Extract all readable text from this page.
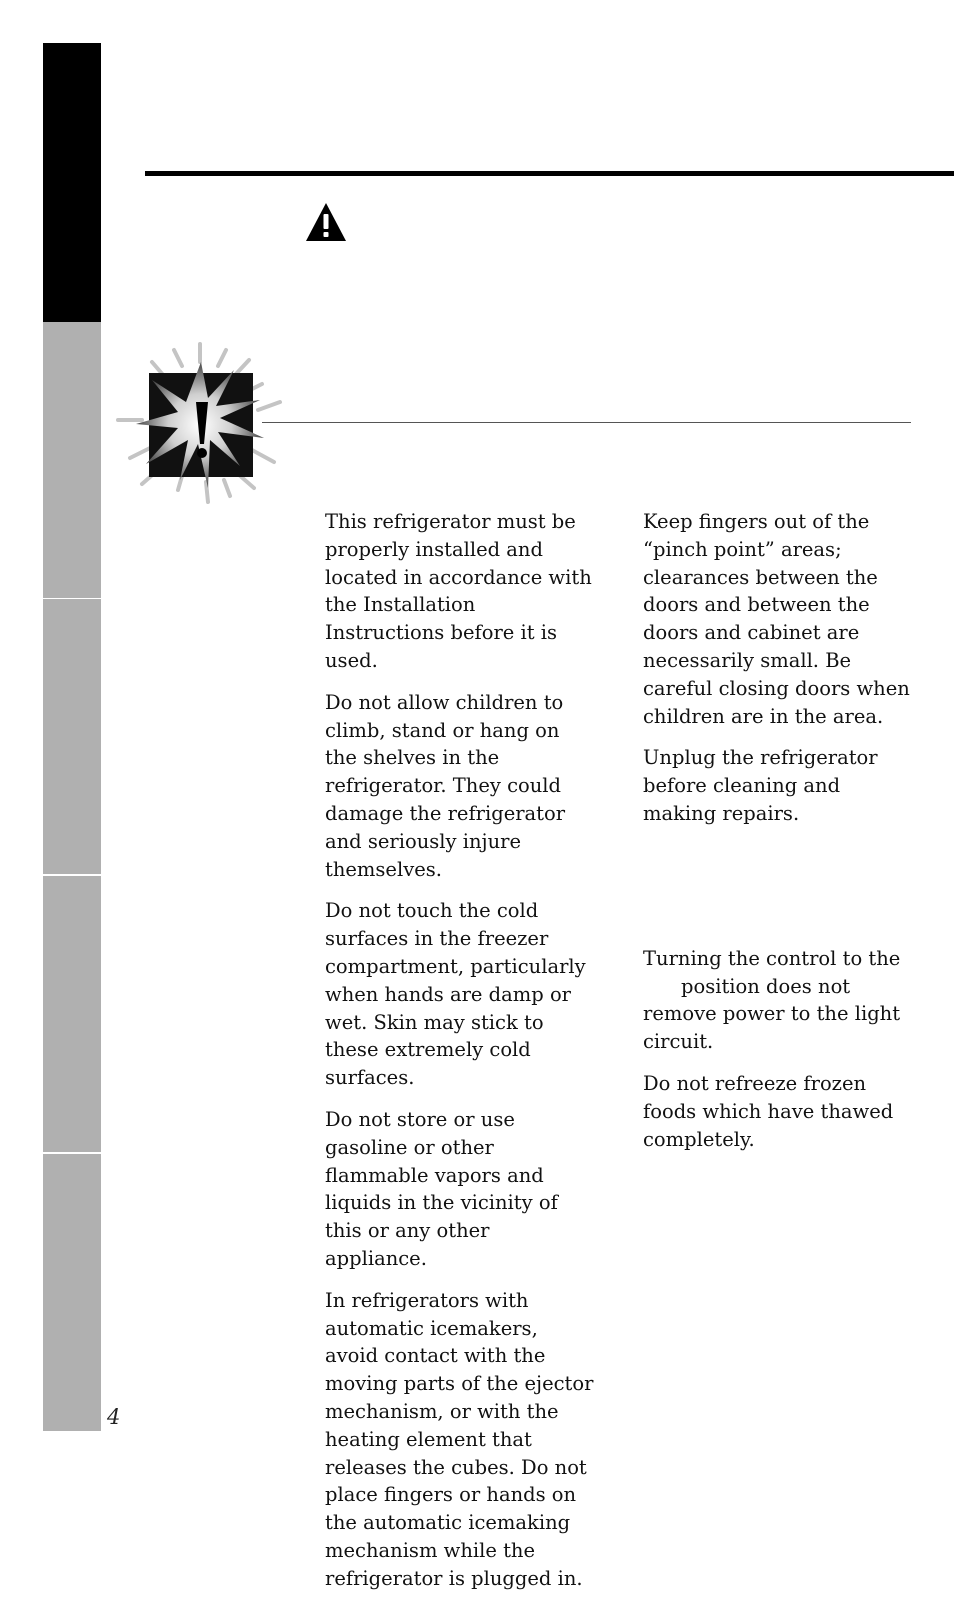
This refrigerator must be properly installed and located in accordance with the Installation Instructions before it is used.

Do not allow children to climb, stand or hang on the shelves in the refrigerator. They could damage the refrigerator and seriously injure themselves.

Do not touch the cold surfaces in the freezer compartment, particularly when hands are damp or wet. Skin may stick to these extremely cold surfaces.

Do not store or use gasoline or other flammable vapors and liquids in the vicinity of this or any other appliance.

In refrigerators with automatic icemakers, avoid contact with the moving parts of the ejector mechanism, or with the heating element that releases the cubes. Do not place fingers or hands on the automatic icemaking mechanism while the refrigerator is plugged in.

Keep fingers out of the “pinch point” areas; clearances between the doors and between the doors and cabinet are necessarily small. Be careful closing doors when children are in the area.

Unplug the refrigerator before cleaning and making repairs.

Turning the control to the
position does not remove power to the light circuit.

Do not refreeze frozen foods which have thawed completely.

4
